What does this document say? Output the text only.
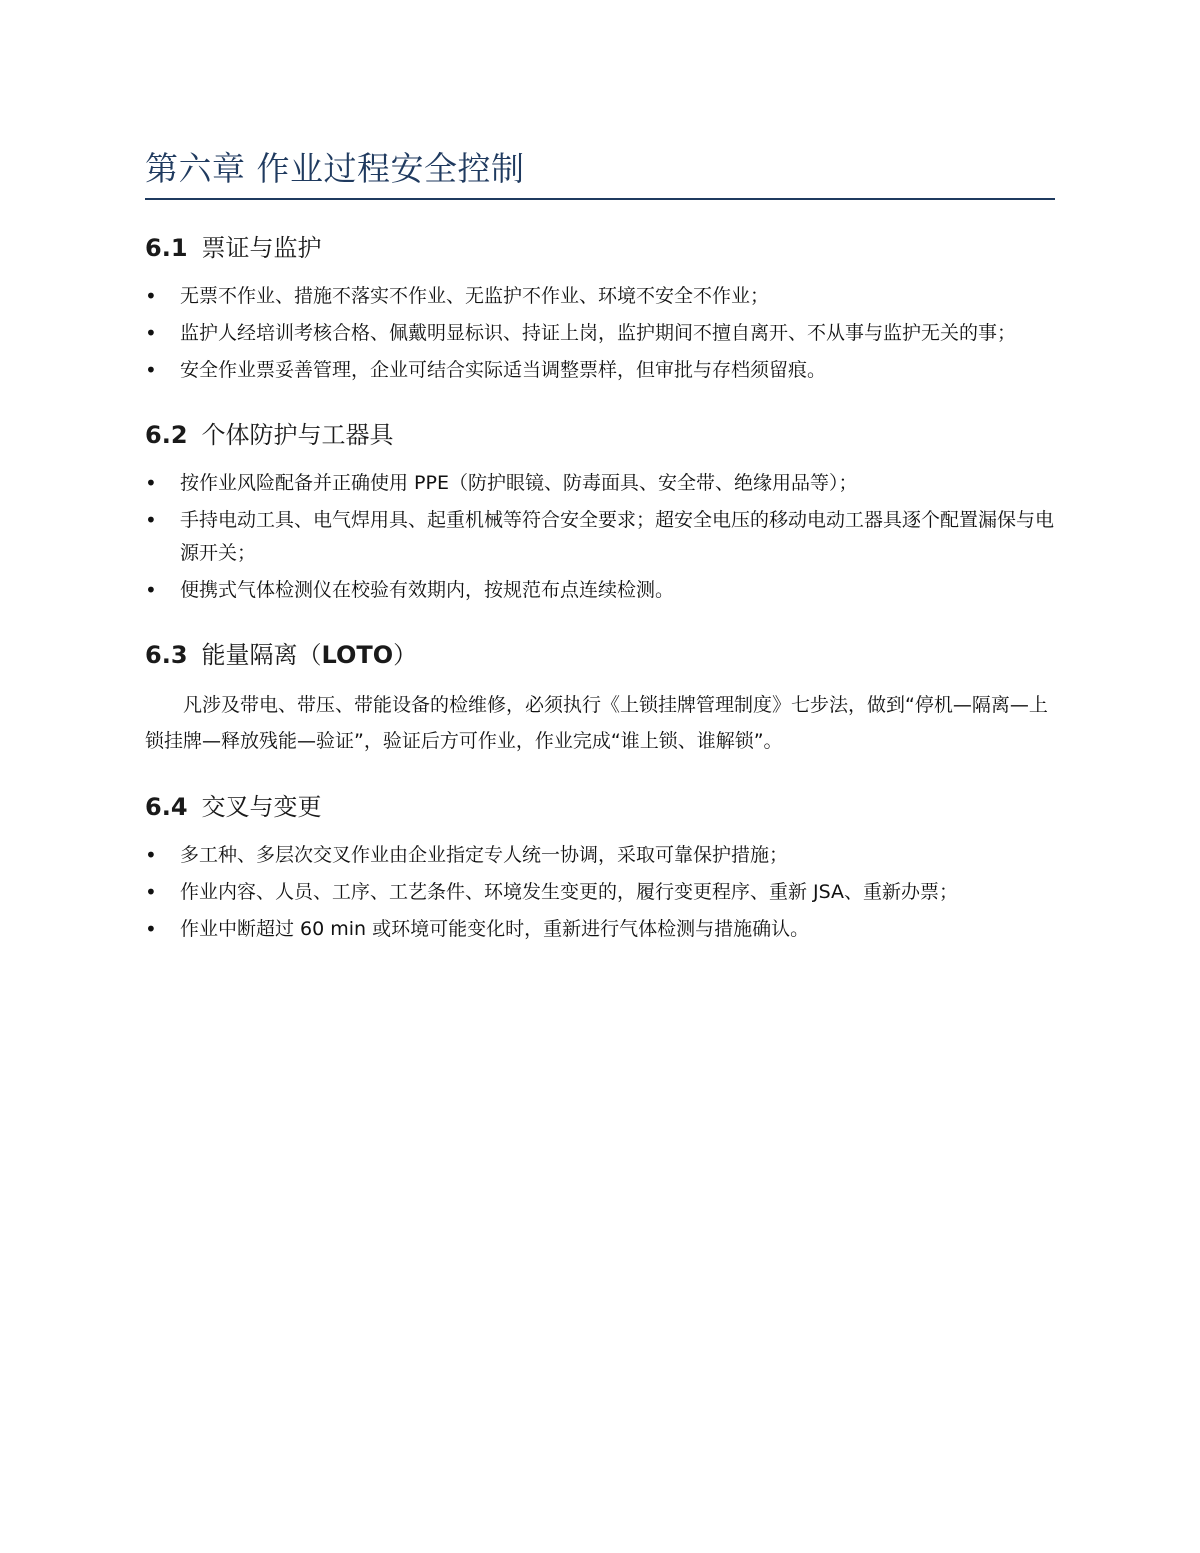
第六章 作业过程安全控制
6.1 票证与监护
• 无票不作业、措施不落实不作业、无监护不作业、环境不安全不作业；
• 监护人经培训考核合格、佩戴明显标识、持证上岗，监护期间不擅自离开、不从事与监护无关的事；
• 安全作业票妥善管理，企业可结合实际适当调整票样，但审批与存档须留痕。
6.2 个体防护与工器具
• 按作业风险配备并正确使用 PPE（防护眼镜、防毒面具、安全带、绝缘用品等）；
• 手持电动工具、电气焊用具、起重机械等符合安全要求；超安全电压的移动电动工器具逐个配置漏保与电源开关；
• 便携式气体检测仪在校验有效期内，按规范布点连续检测。
6.3 能量隔离（LOTO）

凡涉及带电、带压、带能设备的检维修，必须执行《上锁挂牌管理制度》七步法，做到“停机—隔离—上锁挂牌—释放残能—验证”，验证后方可作业，作业完成“谁上锁、谁解锁”。

6.4 交叉与变更
• 多工种、多层次交叉作业由企业指定专人统一协调，采取可靠保护措施；
• 作业内容、人员、工序、工艺条件、环境发生变更的，履行变更程序、重新 JSA、重新办票；
• 作业中断超过 60 min 或环境可能变化时，重新进行气体检测与措施确认。
